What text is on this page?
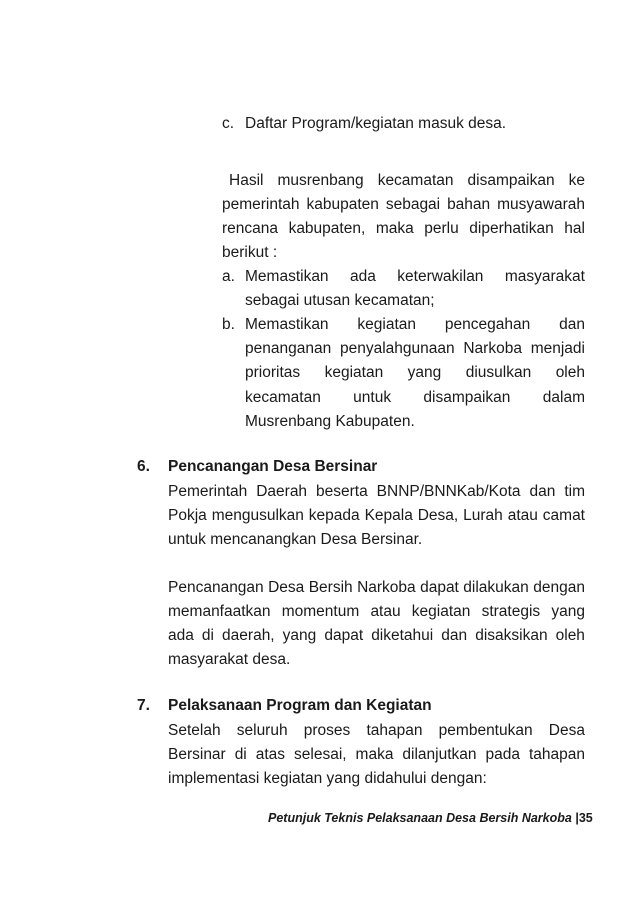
c. Daftar Program/kegiatan masuk desa.
Hasil musrenbang kecamatan disampaikan ke
pemerintah kabupaten sebagai bahan musyawarah
rencana kabupaten, maka perlu diperhatikan hal
berikut :
a. Memastikan ada keterwakilan masyarakat
sebagai utusan kecamatan;
b. Memastikan kegiatan pencegahan dan
penanganan penyalahgunaan Narkoba menjadi
prioritas kegiatan yang diusulkan oleh
kecamatan untuk disampaikan dalam
Musrenbang Kabupaten.
6. Pencanangan Desa Bersinar
Pemerintah Daerah beserta BNNP/BNNKab/Kota dan tim
Pokja mengusulkan kepada Kepala Desa, Lurah atau camat
untuk mencanangkan Desa Bersinar.
Pencanangan Desa Bersih Narkoba dapat dilakukan dengan
memanfaatkan momentum atau kegiatan strategis yang
ada di daerah, yang dapat diketahui dan disaksikan oleh
masyarakat desa.
7. Pelaksanaan Program dan Kegiatan
Setelah seluruh proses tahapan pembentukan Desa
Bersinar di atas selesai, maka dilanjutkan pada tahapan
implementasi kegiatan yang didahului dengan:
Petunjuk Teknis Pelaksanaan Desa Bersih Narkoba |35
